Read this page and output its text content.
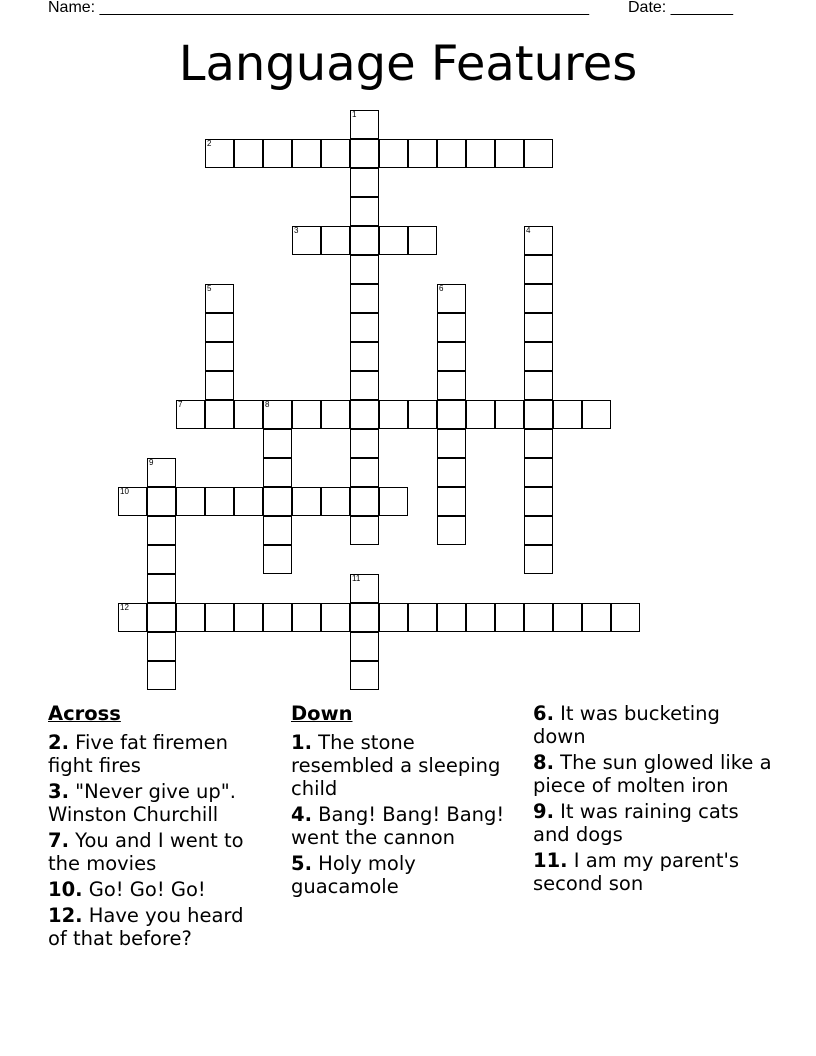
Name: _______________________________________________________ Date: _______
Language Features
1
2
3	4
5	6
7	8
9
10
11
12
Across
2. Five fat firemen fight fires
3. "Never give up". Winston Churchill
7. You and I went to the movies
10. Go! Go! Go!
12. Have you heard of that before?
Down
1. The stone resembled a sleeping child
4. Bang! Bang! Bang! went the cannon
5. Holy moly guacamole
6. It was bucketing down
8. The sun glowed like a piece of molten iron
9. It was raining cats and dogs
11. I am my parent's second son
